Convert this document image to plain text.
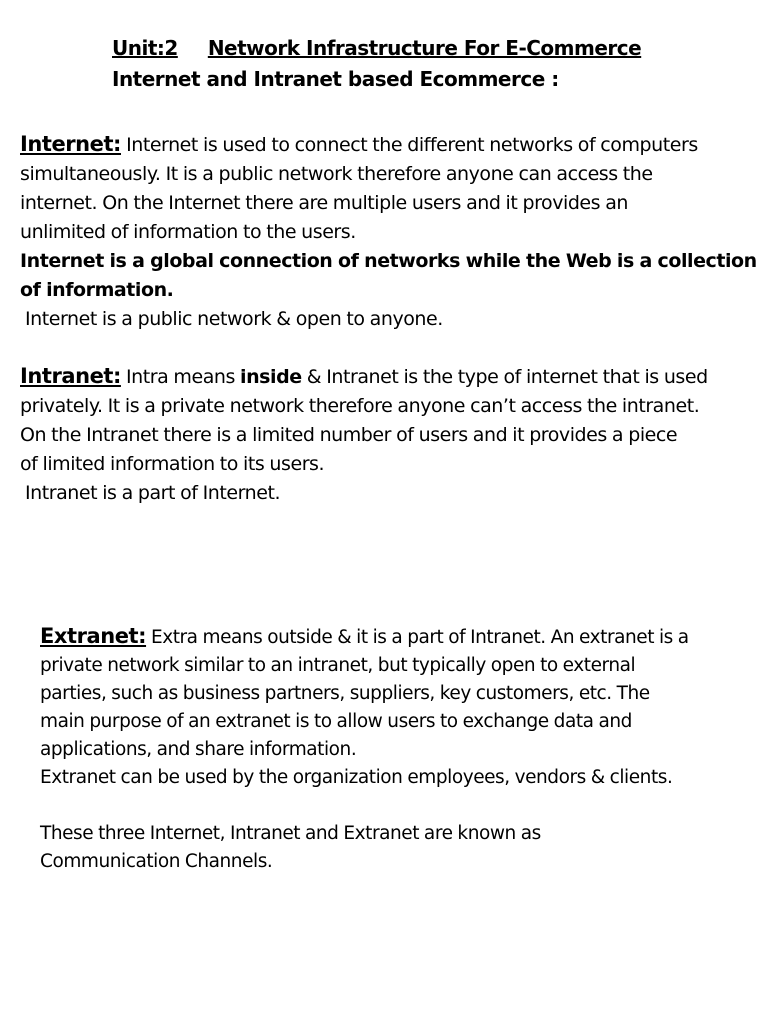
Unit:2 Network Infrastructure For E-Commerce
Internet and Intranet based Ecommerce :
Internet: Internet is used to connect the different networks of computers
simultaneously. It is a public network therefore anyone can access the
internet. On the Internet there are multiple users and it provides an
unlimited of information to the users.
Internet is a global connection of networks while the Web is a collection
of information.
Internet is a public network & open to anyone.
Intranet: Intra means inside & Intranet is the type of internet that is used
privately. It is a private network therefore anyone can’t access the intranet.
On the Intranet there is a limited number of users and it provides a piece
of limited information to its users.
Intranet is a part of Internet.
Extranet: Extra means outside & it is a part of Intranet. An extranet is a
private network similar to an intranet, but typically open to external
parties, such as business partners, suppliers, key customers, etc. The
main purpose of an extranet is to allow users to exchange data and
applications, and share information.
Extranet can be used by the organization employees, vendors & clients.
These three Internet, Intranet and Extranet are known as
Communication Channels.
